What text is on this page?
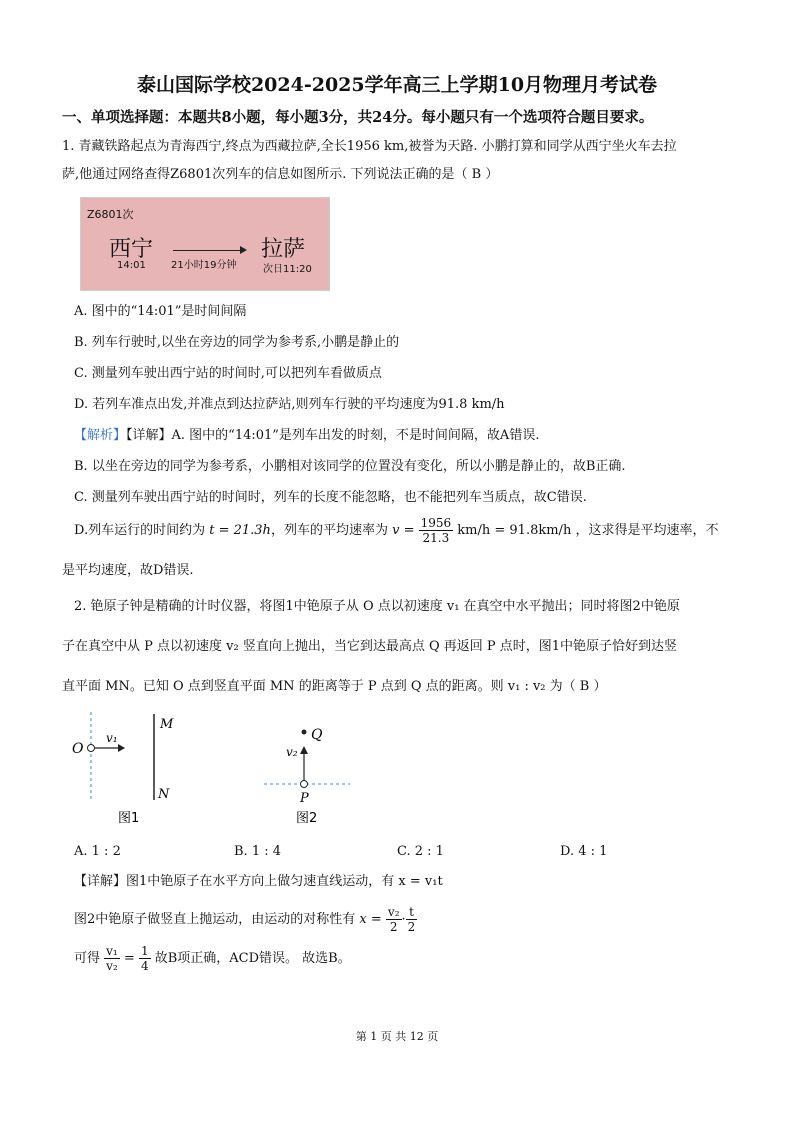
泰山国际学校2024-2025学年高三上学期10月物理月考试卷
一、单项选择题：本题共8小题，每小题3分，共24分。每小题只有一个选项符合题目要求。
1. 青藏铁路起点为青海西宁,终点为西藏拉萨,全长1956 km,被誉为天路. 小鹏打算和同学从西宁坐火车去拉
萨,他通过网络查得Z6801次列车的信息如图所示. 下列说法正确的是（ B ）
Z6801次
西宁
14:01	21小时19分钟
拉萨
次日11:20
A. 图中的“14:01”是时间间隔
B. 列车行驶时,以坐在旁边的同学为参考系,小鹏是静止的
C. 测量列车驶出西宁站的时间时,可以把列车看做质点
D. 若列车准点出发,并准点到达拉萨站,则列车行驶的平均速度为91.8 km/h
【解析】【详解】A. 图中的“14:01”是列车出发的时刻，不是时间间隔，故A错误.
B. 以坐在旁边的同学为参考系，小鹏相对该同学的位置没有变化，所以小鹏是静止的，故B正确.
C. 测量列车驶出西宁站的时间时，列车的长度不能忽略，也不能把列车当质点，故C错误.
D.列车运行的时间约为 t = 21.3h，列车的平均速率为 $v = \frac{1956}{21.3} km/h = 91.8km/h$ ，这求得是平均速率，不
是平均速度，故D错误.
2. 铯原子钟是精确的计时仪器，将图1中铯原子从 O 点以初速度 v₁ 在真空中水平抛出；同时将图2中铯原
子在真空中从 P 点以初速度 v₂ 竖直向上抛出，当它到达最高点 Q 再返回 P 点时，图1中铯原子恰好到达竖
直平面 MN。已知 O 点到竖直平面 MN 的距离等于 P 点到 Q 点的距离。则 v₁ : v₂ 为（ B ）
O
v₁
M
N
图1
Q
v₂
P
图2
A. 1 : 2	B. 1 : 4	C. 2 : 1	D. 4 : 1
【详解】图1中铯原子在水平方向上做匀速直线运动，有 x = v₁t
图2中铯原子做竖直上抛运动，由运动的对称性有 $x = \frac{\text{v₂}}{2} \cdot \frac{t}{2}$
可得 $\frac{\text{v₁}}{\text{v₂}} = \frac{1}{4}$ 故B项正确，ACD错误。 故选B。
第 1 页 共 12 页
